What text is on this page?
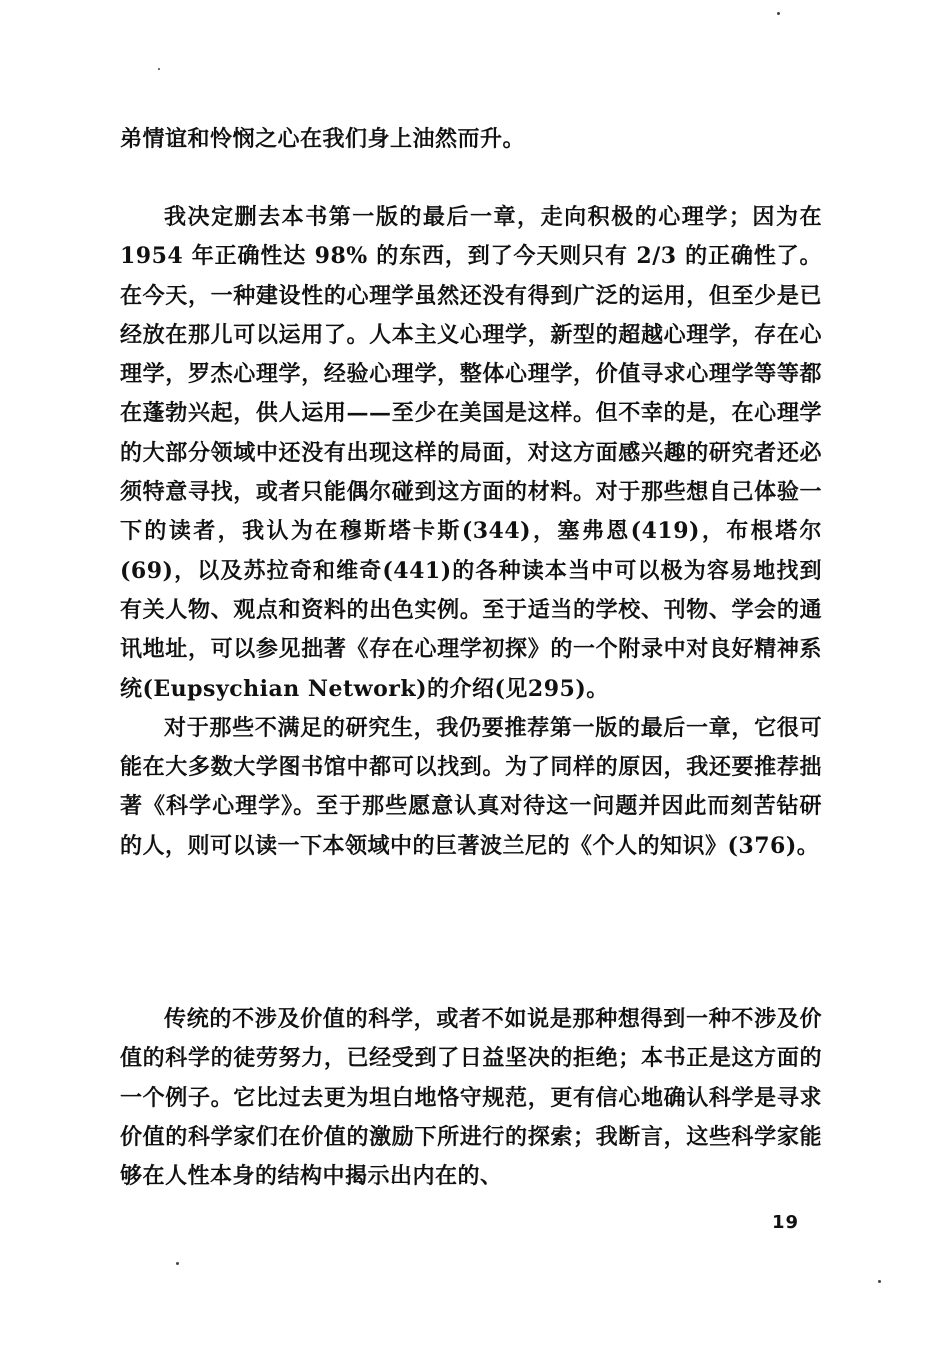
弟情谊和怜悯之心在我们身上油然而升。

我决定删去本书第一版的最后一章，走向积极的心理学；因为在 1954 年正确性达 98% 的东西，到了今天则只有 2/3 的正确性了。在今天，一种建设性的心理学虽然还没有得到广泛的运用，但至少是已经放在那儿可以运用了。人本主义心理学，新型的超越心理学，存在心理学，罗杰心理学，经验心理学，整体心理学，价值寻求心理学等等都在蓬勃兴起，供人运用——至少在美国是这样。但不幸的是，在心理学的大部分领域中还没有出现这样的局面，对这方面感兴趣的研究者还必须特意寻找，或者只能偶尔碰到这方面的材料。对于那些想自己体验一下的读者，我认为在穆斯塔卡斯(344)，塞弗恩(419)，布根塔尔(69)，以及苏拉奇和维奇(441)的各种读本当中可以极为容易地找到有关人物、观点和资料的出色实例。至于适当的学校、刊物、学会的通讯地址，可以参见拙著《存在心理学初探》的一个附录中对良好精神系统(Eupsychian Network)的介绍(见295)。

对于那些不满足的研究生，我仍要推荐第一版的最后一章，它很可能在大多数大学图书馆中都可以找到。为了同样的原因，我还要推荐拙著《科学心理学》。至于那些愿意认真对待这一问题并因此而刻苦钻研的人，则可以读一下本领域中的巨著波兰尼的《个人的知识》(376)。

传统的不涉及价值的科学，或者不如说是那种想得到一种不涉及价值的科学的徒劳努力，已经受到了日益坚决的拒绝；本书正是这方面的一个例子。它比过去更为坦白地恪守规范，更有信心地确认科学是寻求价值的科学家们在价值的激励下所进行的探索；我断言，这些科学家能够在人性本身的结构中揭示出内在的、

19
